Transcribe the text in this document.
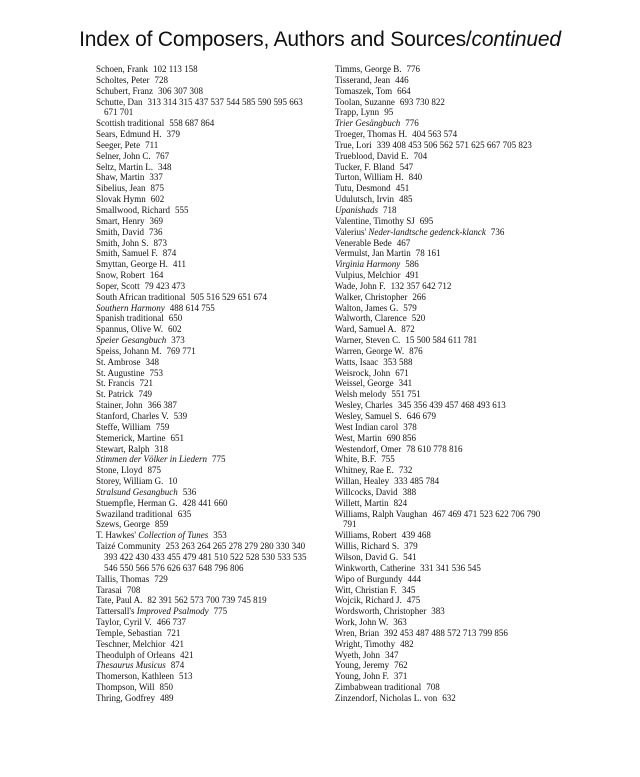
Index of Composers, Authors and Sources/continued
Schoen, Frank 102 113 158
Scholtes, Peter 728
Schubert, Franz 306 307 308
Schutte, Dan 313 314 315 437 537 544 585 590 595 663 671 701
Scottish traditional 558 687 864
Sears, Edmund H. 379
Seeger, Pete 711
Selner, John C. 767
Seltz, Martin L. 348
Shaw, Martin 337
Sibelius, Jean 875
Slovak Hymn 602
Smallwood, Richard 555
Smart, Henry 369
Smith, David 736
Smith, John S. 873
Smith, Samuel F. 874
Smyttan, George H. 411
Snow, Robert 164
Soper, Scott 79 423 473
South African traditional 505 516 529 651 674
Southern Harmony 488 614 755
Spanish traditional 650
Spannus, Olive W. 602
Speier Gesangbuch 373
Speiss, Johann M. 769 771
St. Ambrose 348
St. Augustine 753
St. Francis 721
St. Patrick 749
Stainer, John 366 387
Stanford, Charles V. 539
Steffe, William 759
Stemerick, Martine 651
Stewart, Ralph 318
Stimmen der Völker in Liedern 775
Stone, Lloyd 875
Storey, William G. 10
Stralsund Gesangbuch 536
Stuempfle, Herman G. 428 441 660
Swaziland traditional 635
Szews, George 859
T. Hawkes' Collection of Tunes 353
Taizé Community 253 263 264 265 278 279 280 330 340 393 422 430 433 455 479 481 510 522 528 530 533 535 546 550 566 576 626 637 648 796 806
Tallis, Thomas 729
Tarasai 708
Tate, Paul A. 82 391 562 573 700 739 745 819
Tattersall's Improved Psalmody 775
Taylor, Cyril V. 466 737
Temple, Sebastian 721
Teschner, Melchior 421
Theodulph of Orleans 421
Thesaurus Musicus 874
Thomerson, Kathleen 513
Thompson, Will 850
Thring, Godfrey 489
Timms, George B. 776
Tisserand, Jean 446
Tomaszek, Tom 664
Toolan, Suzanne 693 730 822
Trapp, Lynn 95
Trier Gesängbuch 776
Troeger, Thomas H. 404 563 574
True, Lori 339 408 453 506 562 571 625 667 705 823
Trueblood, David E. 704
Tucker, F. Bland 547
Turton, William H. 840
Tutu, Desmond 451
Udulutsch, Irvin 485
Upanishads 718
Valentine, Timothy SJ 695
Valerius' Neder-landtsche gedenck-klanck 736
Venerable Bede 467
Vermulst, Jan Martin 78 161
Virginia Harmony 586
Vulpius, Melchior 491
Wade, John F. 132 357 642 712
Walker, Christopher 266
Walton, James G. 579
Walworth, Clarence 520
Ward, Samuel A. 872
Warner, Steven C. 15 500 584 611 781
Warren, George W. 876
Watts, Isaac 353 588
Weisrock, John 671
Weissel, George 341
Welsh melody 551 751
Wesley, Charles 345 356 439 457 468 493 613
Wesley, Samuel S. 646 679
West Indian carol 378
West, Martin 690 856
Westendorf, Omer 78 610 778 816
White, B.F. 755
Whitney, Rae E. 732
Willan, Healey 333 485 784
Willcocks, David 388
Willett, Martin 824
Williams, Ralph Vaughan 467 469 471 523 622 706 790 791
Williams, Robert 439 468
Willis, Richard S. 379
Wilson, David G. 541
Winkworth, Catherine 331 341 536 545
Wipo of Burgundy 444
Witt, Christian F. 345
Wojcik, Richard J. 475
Wordsworth, Christopher 383
Work, John W. 363
Wren, Brian 392 453 487 488 572 713 799 856
Wright, Timothy 482
Wyeth, John 347
Young, Jeremy 762
Young, John F. 371
Zimbabwean traditional 708
Zinzendorf, Nicholas L. von 632
